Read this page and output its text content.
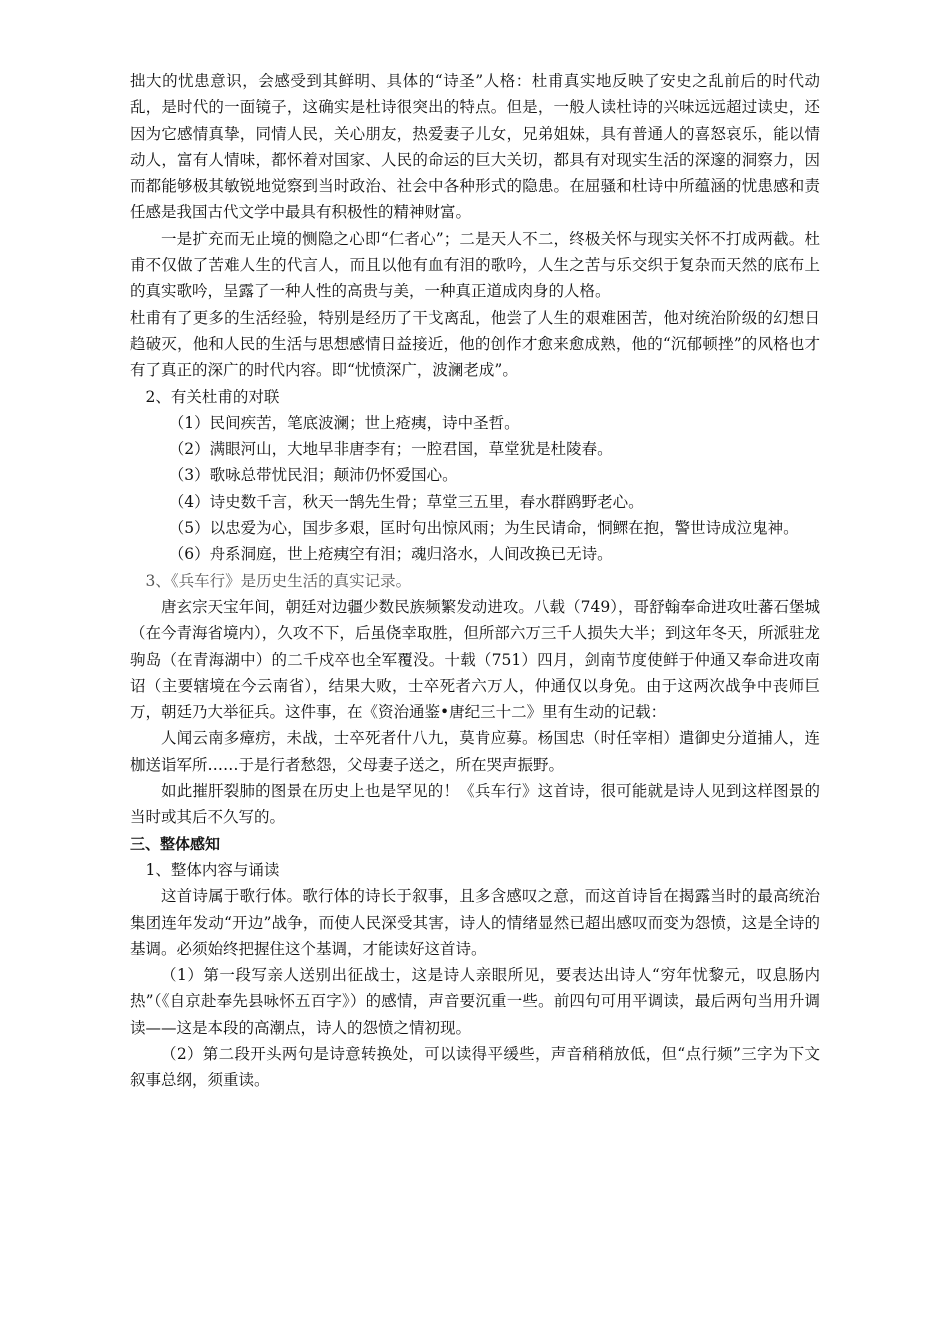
拙大的忧患意识，会感受到其鲜明、具体的“诗圣”人格：杜甫真实地反映了安史之乱前后的时代动乱，是时代的一面镜子，这确实是杜诗很突出的特点。但是，一般人读杜诗的兴味远远超过读史，还因为它感情真挚，同情人民，关心朋友，热爱妻子儿女，兄弟姐妹，具有普通人的喜怒哀乐，能以情动人，富有人情味，都怀着对国家、人民的命运的巨大关切，都具有对现实生活的深邃的洞察力，因而都能够极其敏锐地觉察到当时政治、社会中各种形式的隐患。在屈骚和杜诗中所蕴涵的忧患感和责任感是我国古代文学中最具有积极性的精神财富。

一是扩充而无止境的恻隐之心即“仁者心”；二是天人不二，终极关怀与现实关怀不打成两截。杜甫不仅做了苦难人生的代言人，而且以他有血有泪的歌吟，人生之苦与乐交织于复杂而天然的底布上的真实歌吟，呈露了一种人性的高贵与美，一种真正道成肉身的人格。

杜甫有了更多的生活经验，特别是经历了干戈离乱，他尝了人生的艰难困苦，他对统治阶级的幻想日趋破灭，他和人民的生活与思想感情日益接近，他的创作才愈来愈成熟，他的“沉郁顿挫”的风格也才有了真正的深广的时代内容。即“忧愤深广，波澜老成”。

2、有关杜甫的对联

（1）民间疾苦，笔底波澜；世上疮痍，诗中圣哲。

（2）满眼河山，大地早非唐李有；一腔君国，草堂犹是杜陵春。

（3）歌咏总带忧民泪；颠沛仍怀爱国心。

（4）诗史数千言，秋天一鹄先生骨；草堂三五里，春水群鸥野老心。

（5）以忠爱为心，国步多艰，匡时句出惊风雨；为生民请命，恫鳏在抱，警世诗成泣鬼神。

（6）舟系洞庭，世上疮痍空有泪；魂归洛水，人间改换已无诗。

3、《兵车行》是历史生活的真实记录。

唐玄宗天宝年间，朝廷对边疆少数民族频繁发动进攻。八载（749），哥舒翰奉命进攻吐蕃石堡城（在今青海省境内），久攻不下，后虽侥幸取胜，但所部六万三千人损失大半；到这年冬天，所派驻龙驹岛（在青海湖中）的二千戍卒也全军覆没。十载（751）四月，剑南节度使鲜于仲通又奉命进攻南诏（主要辖境在今云南省），结果大败，士卒死者六万人，仲通仅以身免。由于这两次战争中丧师巨万，朝廷乃大举征兵。这件事，在《资治通鉴•唐纪三十二》里有生动的记载：

人闻云南多瘴疠，未战，士卒死者什八九，莫肯应募。杨国忠（时任宰相）遣御史分道捕人，连枷送诣军所……于是行者愁怨，父母妻子送之，所在哭声振野。

如此摧肝裂肺的图景在历史上也是罕见的！《兵车行》这首诗，很可能就是诗人见到这样图景的当时或其后不久写的。

三、整体感知

1、整体内容与诵读

这首诗属于歌行体。歌行体的诗长于叙事，且多含感叹之意，而这首诗旨在揭露当时的最高统治集团连年发动“开边”战争，而使人民深受其害，诗人的情绪显然已超出感叹而变为怨愤，这是全诗的基调。必须始终把握住这个基调，才能读好这首诗。

（1）第一段写亲人送别出征战士，这是诗人亲眼所见，要表达出诗人“穷年忧黎元，叹息肠内热”（《自京赴奉先县咏怀五百字》）的感情，声音要沉重一些。前四句可用平调读，最后两句当用升调读——这是本段的高潮点，诗人的怨愤之情初现。

（2）第二段开头两句是诗意转换处，可以读得平缓些，声音稍稍放低，但“点行频”三字为下文叙事总纲，须重读。
